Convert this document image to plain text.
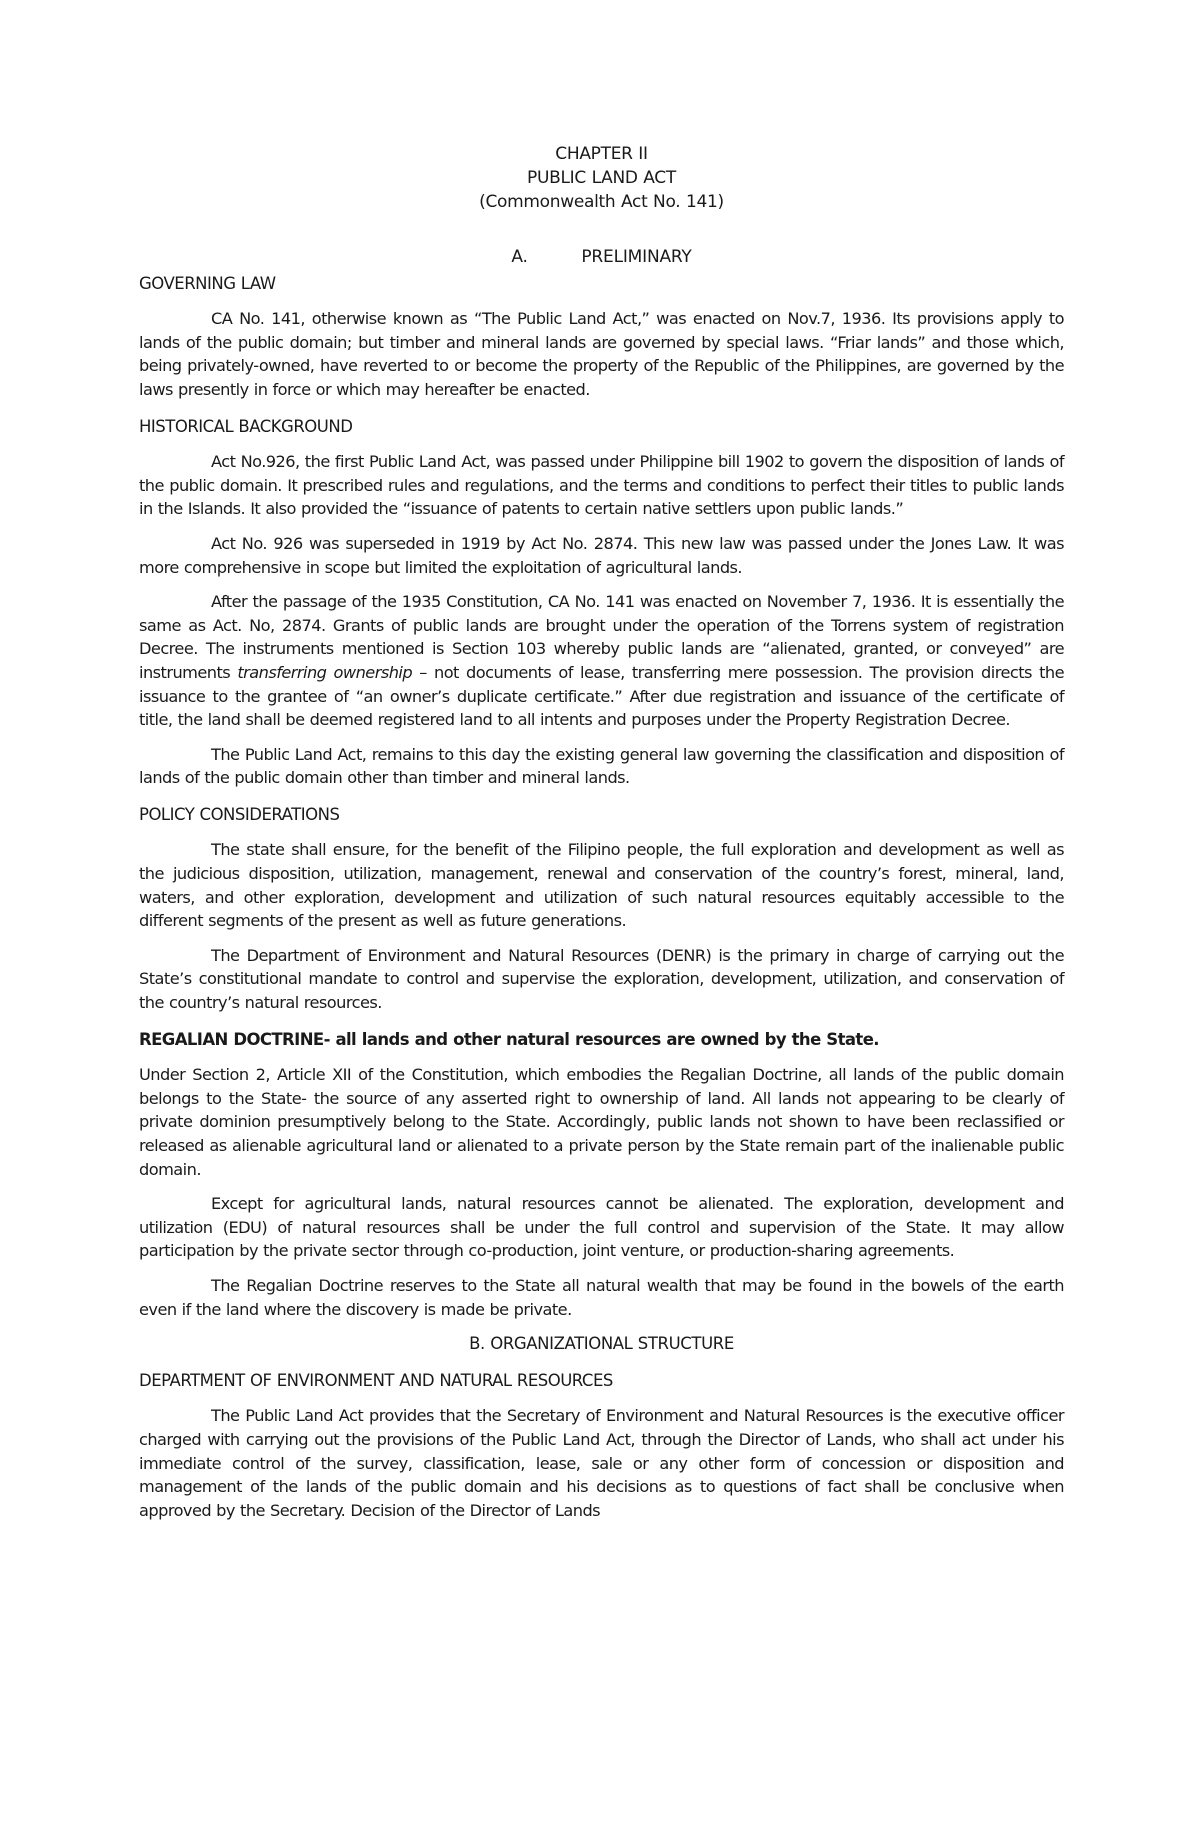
CHAPTER II
PUBLIC LAND ACT
(Commonwealth Act No. 141)
A.	PRELIMINARY
GOVERNING LAW

CA No. 141, otherwise known as “The Public Land Act,” was enacted on Nov.7, 1936. Its provisions apply to lands of the public domain; but timber and mineral lands are governed by special laws. “Friar lands” and those which, being privately-owned, have reverted to or become the property of the Republic of the Philippines, are governed by the laws presently in force or which may hereafter be enacted.

HISTORICAL BACKGROUND

Act No.926, the first Public Land Act, was passed under Philippine bill 1902 to govern the disposition of lands of the public domain. It prescribed rules and regulations, and the terms and conditions to perfect their titles to public lands in the Islands. It also provided the “issuance of patents to certain native settlers upon public lands.”

Act No. 926 was superseded in 1919 by Act No. 2874. This new law was passed under the Jones Law. It was more comprehensive in scope but limited the exploitation of agricultural lands.

After the passage of the 1935 Constitution, CA No. 141 was enacted on November 7, 1936. It is essentially the same as Act. No, 2874. Grants of public lands are brought under the operation of the Torrens system of registration Decree. The instruments mentioned is Section 103 whereby public lands are “alienated, granted, or conveyed” are instruments transferring ownership – not documents of lease, transferring mere possession. The provision directs the issuance to the grantee of “an owner’s duplicate certificate.” After due registration and issuance of the certificate of title, the land shall be deemed registered land to all intents and purposes under the Property Registration Decree.

The Public Land Act, remains to this day the existing general law governing the classification and disposition of lands of the public domain other than timber and mineral lands.

POLICY CONSIDERATIONS

The state shall ensure, for the benefit of the Filipino people, the full exploration and development as well as the judicious disposition, utilization, management, renewal and conservation of the country’s forest, mineral, land, waters, and other exploration, development and utilization of such natural resources equitably accessible to the different segments of the present as well as future generations.

The Department of Environment and Natural Resources (DENR) is the primary in charge of carrying out the State’s constitutional mandate to control and supervise the exploration, development, utilization, and conservation of the country’s natural resources.

REGALIAN DOCTRINE- all lands and other natural resources are owned by the State.

Under Section 2, Article XII of the Constitution, which embodies the Regalian Doctrine, all lands of the public domain belongs to the State- the source of any asserted right to ownership of land. All lands not appearing to be clearly of private dominion presumptively belong to the State. Accordingly, public lands not shown to have been reclassified or released as alienable agricultural land or alienated to a private person by the State remain part of the inalienable public domain.

Except for agricultural lands, natural resources cannot be alienated. The exploration, development and utilization (EDU) of natural resources shall be under the full control and supervision of the State. It may allow participation by the private sector through co-production, joint venture, or production-sharing agreements.

The Regalian Doctrine reserves to the State all natural wealth that may be found in the bowels of the earth even if the land where the discovery is made be private.

B. ORGANIZATIONAL STRUCTURE
DEPARTMENT OF ENVIRONMENT AND NATURAL RESOURCES

The Public Land Act provides that the Secretary of Environment and Natural Resources is the executive officer charged with carrying out the provisions of the Public Land Act, through the Director of Lands, who shall act under his immediate control of the survey, classification, lease, sale or any other form of concession or disposition and management of the lands of the public domain and his decisions as to questions of fact shall be conclusive when approved by the Secretary. Decision of the Director of Lands
